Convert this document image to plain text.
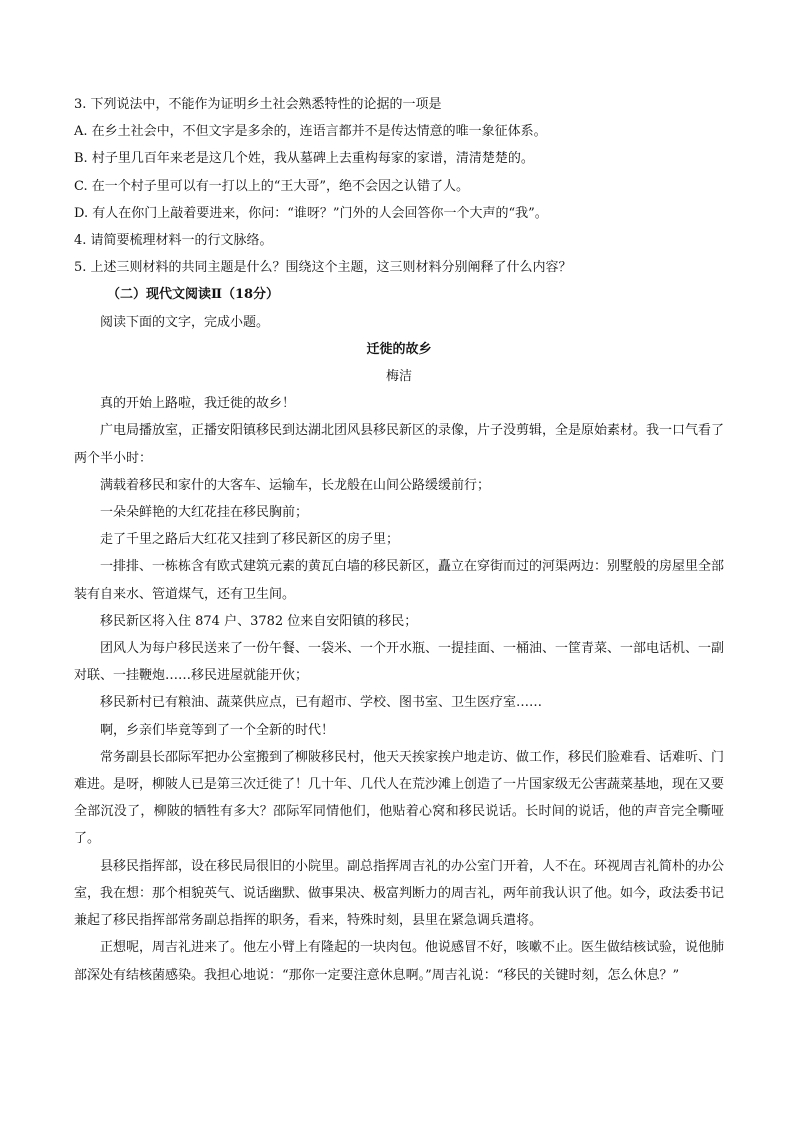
3. 下列说法中，不能作为证明乡土社会熟悉特性的论据的一项是

A. 在乡土社会中，不但文字是多余的，连语言都并不是传达情意的唯一象征体系。

B. 村子里几百年来老是这几个姓，我从墓碑上去重构每家的家谱，清清楚楚的。

C. 在一个村子里可以有一打以上的“王大哥”，绝不会因之认错了人。

D. 有人在你门上敲着要进来，你问：“谁呀？”门外的人会回答你一个大声的“我”。

4. 请简要梳理材料一的行文脉络。

5. 上述三则材料的共同主题是什么？围绕这个主题，这三则材料分别阐释了什么内容？

（二）现代文阅读Ⅱ（18分）

阅读下面的文字，完成小题。

迁徙的故乡

梅洁

真的开始上路啦，我迁徙的故乡！

广电局播放室，正播安阳镇移民到达湖北团风县移民新区的录像，片子没剪辑，全是原始素材。我一口气看了两个半小时：

满载着移民和家什的大客车、运输车，长龙般在山间公路缓缓前行；

一朵朵鲜艳的大红花挂在移民胸前；

走了千里之路后大红花又挂到了移民新区的房子里；

一排排、一栋栋含有欧式建筑元素的黄瓦白墙的移民新区，矗立在穿街而过的河渠两边：别墅般的房屋里全部装有自来水、管道煤气，还有卫生间。

移民新区将入住 874 户、3782 位来自安阳镇的移民；

团风人为每户移民送来了一份午餐、一袋米、一个开水瓶、一提挂面、一桶油、一筐青菜、一部电话机、一副对联、一挂鞭炮……移民进屋就能开伙；

移民新村已有粮油、蔬菜供应点，已有超市、学校、图书室、卫生医疗室……

啊，乡亲们毕竟等到了一个全新的时代！

常务副县长邵际军把办公室搬到了柳陂移民村，他天天挨家挨户地走访、做工作，移民们脸难看、话难听、门难进。是呀，柳陂人已是第三次迁徙了！几十年、几代人在荒沙滩上创造了一片国家级无公害蔬菜基地，现在又要全部沉没了，柳陂的牺牲有多大？邵际军同情他们，他贴着心窝和移民说话。长时间的说话，他的声音完全嘶哑了。

县移民指挥部，设在移民局很旧的小院里。副总指挥周吉礼的办公室门开着，人不在。环视周吉礼简朴的办公室，我在想：那个相貌英气、说话幽默、做事果决、极富判断力的周吉礼，两年前我认识了他。如今，政法委书记兼起了移民指挥部常务副总指挥的职务，看来，特殊时刻，县里在紧急调兵遣将。

正想呢，周吉礼进来了。他左小臂上有隆起的一块肉包。他说感冒不好，咳嗽不止。医生做结核试验，说他肺部深处有结核菌感染。我担心地说：“那你一定要注意休息啊。”周吉礼说：“移民的关键时刻，怎么休息？”
